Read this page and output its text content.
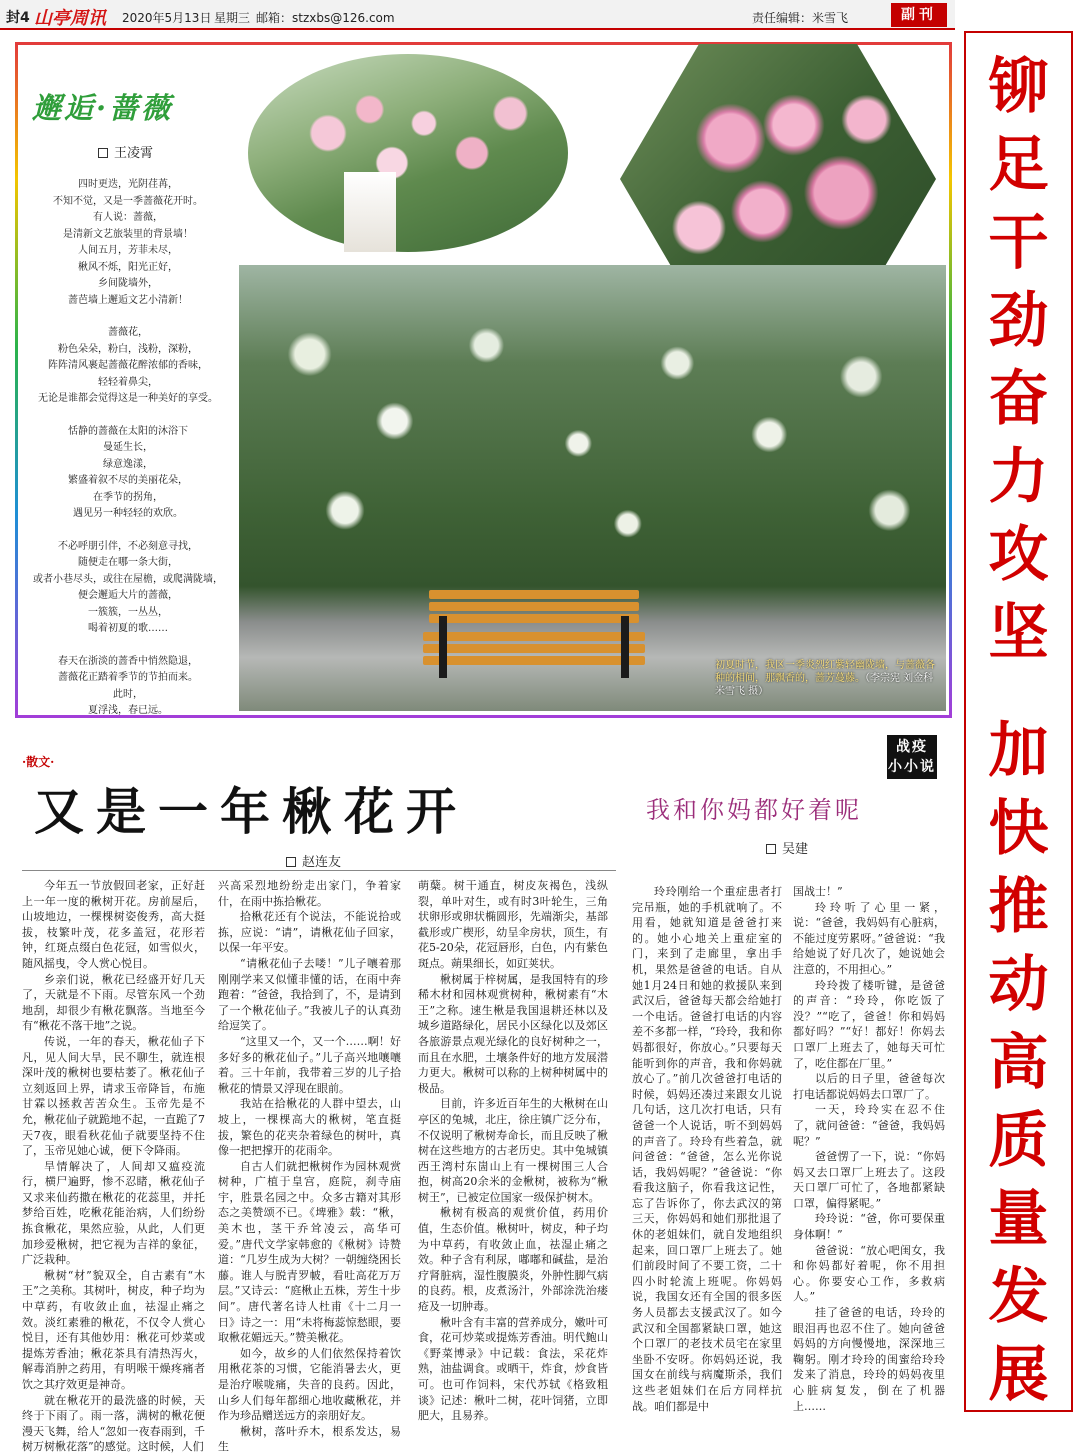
封4 山亭周讯 2020年5月13日 星期三 邮箱：stzxbs@126.com	责任编辑：米雪飞	副刊
邂逅·蔷薇
王凌霄
四时更迭，光阴荏苒，
不知不觉，又是一季蔷薇花开时。
有人说：蔷薇，
是清新文艺旅装里的背景墙！
人间五月，芳菲未尽，
楸风不烁，阳光正好，
乡间陇墙外，
蔷芭墙上邂逅文艺小清新！
蔷薇花，
粉色朵朵，粉白，浅粉，深粉，
阵阵清风裹起蔷薇花醉浓郁的香味，
轻轻着鼻尖，
无论是谁都会觉得这是一种美好的享受。
恬静的蔷薇在太阳的沐浴下
曼延生长，
绿意逸漾，
繁盛着叙不尽的美丽花朵，
在季节的拐角，
遇见另一种轻轻的欢欣。
不必呼朋引伴，不必刻意寻找，
随便走在哪一条大街，
或者小巷尽头，或往在屋檐，或爬满陇墙，
便会邂逅大片的蔷薇，
一簇簇，一丛丛，
喝着初夏的歌……
春天在浙淡的蔷香中悄然隐退，
蔷薇花正踏着季节的节拍而来。
此时，
夏浮浅，春已远。
初夏时节，我区一季炎烈红紫轻幽陇墙，与蔷薇各种的相间，那飘香的，蔷芳蔓藤。（李宗宪 刘金科 米雪飞 摄）
·散文·
又是一年楸花开
赵连友

今年五一节放假回老家，正好赶上一年一度的楸树开花。房前屋后，山坡地边，一棵棵树姿俊秀，高大挺拔，枝繁叶茂，花多盖冠，花形若钟，红斑点缀白色花冠，如雪似火，随风摇曳，令人赏心悦目。

乡亲们说，楸花已经盛开好几天了，天就是不下雨。尽管东风一个劲地刮，却很少有楸花飘落。当地至今有“楸花不落干地”之说。

传说，一年的春天，楸花仙子下凡，见人间大旱，民不聊生，就连根深叶茂的楸树也要枯萎了。楸花仙子立刻返回上界，请求玉帝降旨，布施甘霖以拯救苦苦众生。玉帝先是不允，楸花仙子就跪地不起，一直跪了7天7夜，眼看秋花仙子就要坚持不住了，玉帝见她心诚，便下令降雨。

旱情解决了，人间却又瘟疫流行，横尸遍野，惨不忍睹，楸花仙子又求来仙药撒在楸花的花蕊里，并托梦给百姓，吃楸花能治病，人们纷纷拣食楸花，果然应验，从此，人们更加珍爱楸树，把它视为吉祥的象征，广泛栽种。

楸树“材”貌双全，自古素有“木王”之美称。其树叶，树皮，种子均为中草药，有收敛止血，祛湿止痛之效。淡红素雅的楸花，不仅令人赏心悦目，还有其他妙用：楸花可炒菜或提炼芳香油；楸花茶具有清热泻火，解毒消肿之药用，有明喉干燥疼痛者饮之其疗效更是神奇。

就在楸花开的最洗盛的时候，天终于下雨了。雨一落，满树的楸花便漫天飞舞，给人“忽如一夜春雨到，千树万树楸花落”的感觉。这时候，人们

兴高采烈地纷纷走出家门，争着家什，在雨中拣拾楸花。

拾楸花还有个说法，不能说拾或拣，应说：“请”，请楸花仙子回家，以保一年平安。

“请楸花仙子去喽！”儿子嚷着那刚刚学来又似懂非懂的话，在雨中奔跑着：“爸爸，我拾到了，不，是请到了一个楸花仙子。”我被儿子的认真劲给逗笑了。

“这里又一个，又一个……啊！好多好多的楸花仙子。”儿子高兴地嚷嚷着。三十年前，我带着三岁的儿子拾楸花的情景又浮现在眼前。

我站在拾楸花的人群中望去，山坡上，一棵棵高大的楸树，笔直挺拔，繁色的花夹杂着绿色的树叶，真像一把把撑开的花雨伞。

自古人们就把楸树作为园林观赏树种，广植于皇宫，庭院，刹寺庙宇，胜景名园之中。众多古籍对其形态之美赞颂不已。《埤雅》载：“楸，美木也，茎干乔耸凌云，高华可爱。”唐代文学家韩愈的《楸树》诗赞道：“几岁生成为大树？一朝缠绕困长藤。谁人与脱青罗帔，看吐高花万万层。”又诗云：“庭楸止五株，芳生十步间”。唐代著名诗人杜甫《十二月一日》诗之一：用“未将梅蕊惊愁眼，要取楸花媚远天。”赞美楸花。

如今，故乡的人们依然保持着饮用楸花茶的习惯，它能消暑去火，更是治疗喉咙痛，失音的良药。因此，山乡人们每年都细心地收藏楸花，并作为珍品赠送远方的亲朋好友。

楸树，落叶乔木，根系发达，易生

萌蘖。树干通直，树皮灰褐色，浅纵裂，单叶对生，或有时3叶轮生，三角状卵形或卵状椭圆形，先端渐尖，基部截形或广楔形，幼呈伞房状，顶生，有花5-20朵，花冠唇形，白色，内有紫色斑点。蒴果细长，如豇荚状。

楸树属于梓树属，是我国特有的珍稀木材和园林观赏树种，楸树素有“木王”之称。速生楸是我国退耕还林以及城乡道路绿化，居民小区绿化以及郊区各旅游景点观光绿化的良好树种之一，而且在水肥，土壤条件好的地方发展潜力更大。楸树可以称的上树种树属中的极品。

目前，许多近百年生的大楸树在山亭区的兔城，北庄，徐庄镇广泛分布，不仅说明了楸树寿命长，而且反映了楸树在这些地方的古老历史。其中兔城镇西王湾村东崮山上有一棵树围三人合抱，树高20余米的金楸树，被称为“楸树王”，已被定位国家一级保护树木。

楸树有极高的观赏价值，药用价值，生态价值。楸树叶，树皮，种子均为中草药，有收敛止血，祛湿止痛之效。种子含有利尿，嘟嘟和碱盐，是治疗肾脏病，湿性腹膜炎，外肿性脚气病的良药。根，皮煮汤汁，外部涂洗治瘘疮及一切肿毒。

楸叶含有丰富的营养成分，嫩叶可食，花可炒菜或提炼芳香油。明代鲍山《野菜博录》中记载：食法，采花炸熟，油盐调食。或晒干，炸食，炒食皆可。也可作饲料，宋代苏轼《格致粗谈》记述：楸叶二树，花叶饲猪，立即肥大，且易养。

战疫
小小说
我和你妈都好着呢
吴建

玲玲刚给一个重症患者打完吊瓶，她的手机就响了。不用看，她就知道是爸爸打来的。她小心地关上重症室的门，来到了走廊里，拿出手机，果然是爸爸的电话。自从她1月24日和她的救援队来到武汉后，爸爸每天都会给她打一个电话。爸爸打电话的内容差不多都一样，“玲玲，我和你妈都很好，你放心。”只要每天能听到你的声音，我和你妈就放心了。”前几次爸爸打电话的时候，妈妈还凑过来跟女儿说几句话，这几次打电话，只有爸爸一个人说话，听不到妈妈的声音了。玲玲有些着急，就问爸爸：“爸爸，怎么光你说话，我妈妈呢？”爸爸说：“你看我这脑子，你看我这记性，忘了告诉你了，你去武汉的第三天，你妈妈和她们那批退了休的老姐妹们，就自发地组织起来，回口罩厂上班去了。她们前段时间了不要工资，二十四小时轮流上班呢。你妈妈说，我国女还有全国的很多医务人员都去支援武汉了。如今武汉和全国都紧缺口罩，她这个口罩厂的老技术员宅在家里坐卧不安呀。你妈妈还说，我国女在前线与病魔斯杀，我们这些老姐妹们在后方同样抗战。咱们都是中

国战士！”

玲玲听了心里一紧，说：“爸爸，我妈妈有心脏病，不能过度劳累呀。”爸爸说：“我给她说了好几次了，她说她会注意的，不用担心。”

玲玲拨了楼听键，是爸爸的声音：“玲玲，你吃饭了没？”“吃了，爸爸！你和妈妈都好吗？”“好！都好！你妈去口罩厂上班去了，她每天可忙了，吃住都在厂里。”

以后的日子里，爸爸每次打电话都说妈妈去口罩厂了。

一天，玲玲实在忍不住了，就问爸爸：“爸爸，我妈妈呢？”

爸爸愣了一下，说：“你妈妈又去口罩厂上班去了。这段天口罩厂可忙了，各地都紧缺口罩，偏得紧呢。”

玲玲说：“爸，你可要保重身体啊！”

爸爸说：“放心吧闺女，我和你妈都好着呢，你不用担心。你要安心工作，多救病人。”

挂了爸爸的电话，玲玲的眼泪再也忍不住了。她向爸爸妈妈的方向慢慢地，深深地三鞠躬。刚才玲玲的闺蜜给玲玲发来了消息，玲玲的妈妈夜里心脏病复发，倒在了机器上……

铆
足
干
劲
奋
力
攻
坚
加
快
推
动
高
质
量
发
展
